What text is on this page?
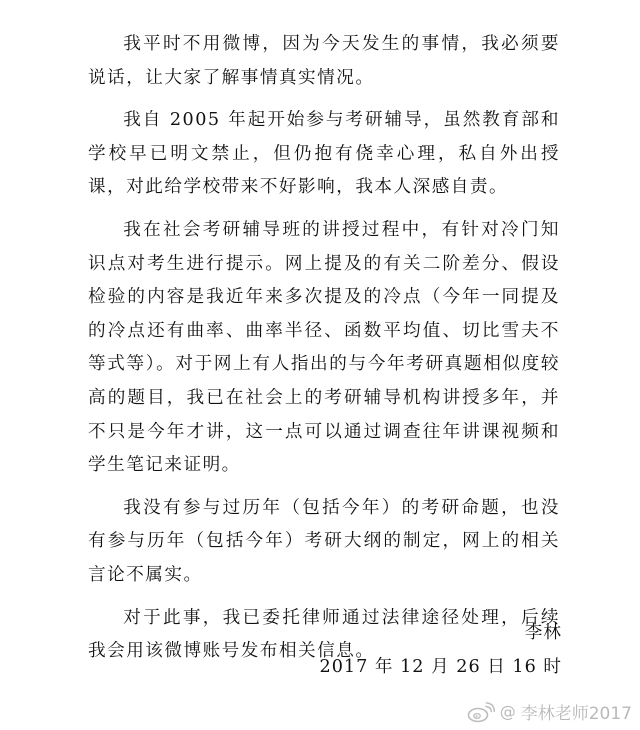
我平时不用微博，因为今天发生的事情，我必须要说话，让大家了解事情真实情况。

我自 2005 年起开始参与考研辅导，虽然教育部和学校早已明文禁止，但仍抱有侥幸心理，私自外出授课，对此给学校带来不好影响，我本人深感自责。

我在社会考研辅导班的讲授过程中，有针对冷门知识点对考生进行提示。网上提及的有关二阶差分、假设检验的内容是我近年来多次提及的冷点（今年一同提及的冷点还有曲率、曲率半径、函数平均值、切比雪夫不等式等）。对于网上有人指出的与今年考研真题相似度较高的题目，我已在社会上的考研辅导机构讲授多年，并不只是今年才讲，这一点可以通过调查往年讲课视频和学生笔记来证明。

我没有参与过历年（包括今年）的考研命题，也没有参与历年（包括今年）考研大纲的制定，网上的相关言论不属实。

对于此事，我已委托律师通过法律途径处理，后续我会用该微博账号发布相关信息。

李林
2017 年 12 月 26 日 16 时
@ 李林老师2017
